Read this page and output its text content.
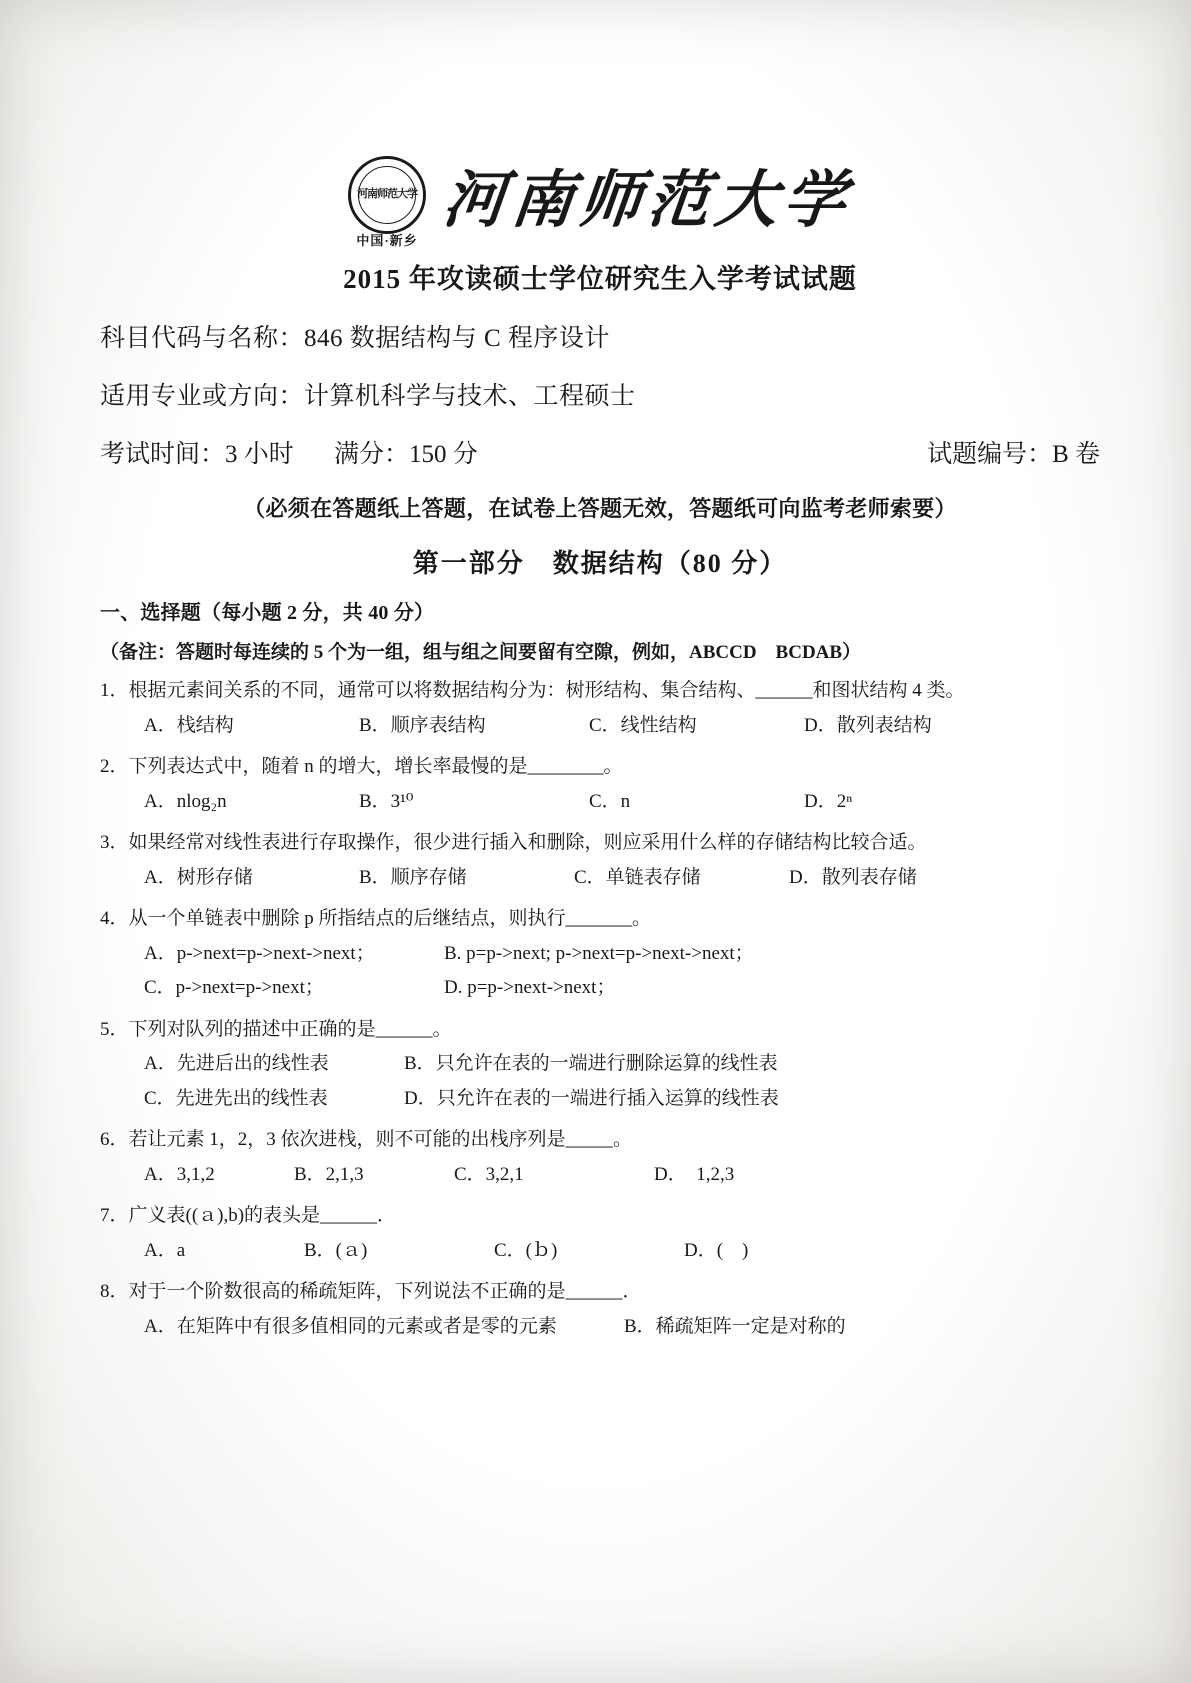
河南师范大学
中国·新乡
河南师范大学
2015 年攻读硕士学位研究生入学考试试题
科目代码与名称：846 数据结构与 C 程序设计
适用专业或方向：计算机科学与技术、工程硕士
考试时间：3 小时 满分：150 分	试题编号：B 卷
（必须在答题纸上答题，在试卷上答题无效，答题纸可向监考老师索要）
第一部分　数据结构（80 分）
一、选择题（每小题 2 分，共 40 分）
（备注：答题时每连续的 5 个为一组，组与组之间要留有空隙，例如，ABCCD　BCDAB）
1．根据元素间关系的不同，通常可以将数据结构分为：树形结构、集合结构、______和图状结构 4 类。
A．栈结构	B．顺序表结构	C．线性结构	D．散列表结构
2．下列表达式中，随着 n 的增大，增长率最慢的是________。
A．nlog₂n	B．3¹⁰	C．n	D．2ⁿ
3．如果经常对线性表进行存取操作，很少进行插入和删除，则应采用什么样的存储结构比较合适。
A．树形存储	B．顺序存储	C．单链表存储	D．散列表存储
4．从一个单链表中删除 p 所指结点的后继结点，则执行_______。
A．p->next=p->next->next；	B. p=p->next; p->next=p->next->next；
C．p->next=p->next；	D. p=p->next->next；
5．下列对队列的描述中正确的是______。
A．先进后出的线性表	B．只允许在表的一端进行删除运算的线性表
C．先进先出的线性表	D．只允许在表的一端进行插入运算的线性表
6．若让元素 1，2，3 依次进栈，则不可能的出栈序列是_____。
A．3,1,2	B．2,1,3	C．3,2,1	D．　1,2,3
7．广义表((ａ),b)的表头是______．
A．a	B．(ａ)	C．(ｂ)	D．(　)
8．对于一个阶数很高的稀疏矩阵，下列说法不正确的是______．
A．在矩阵中有很多值相同的元素或者是零的元素	B．稀疏矩阵一定是对称的
